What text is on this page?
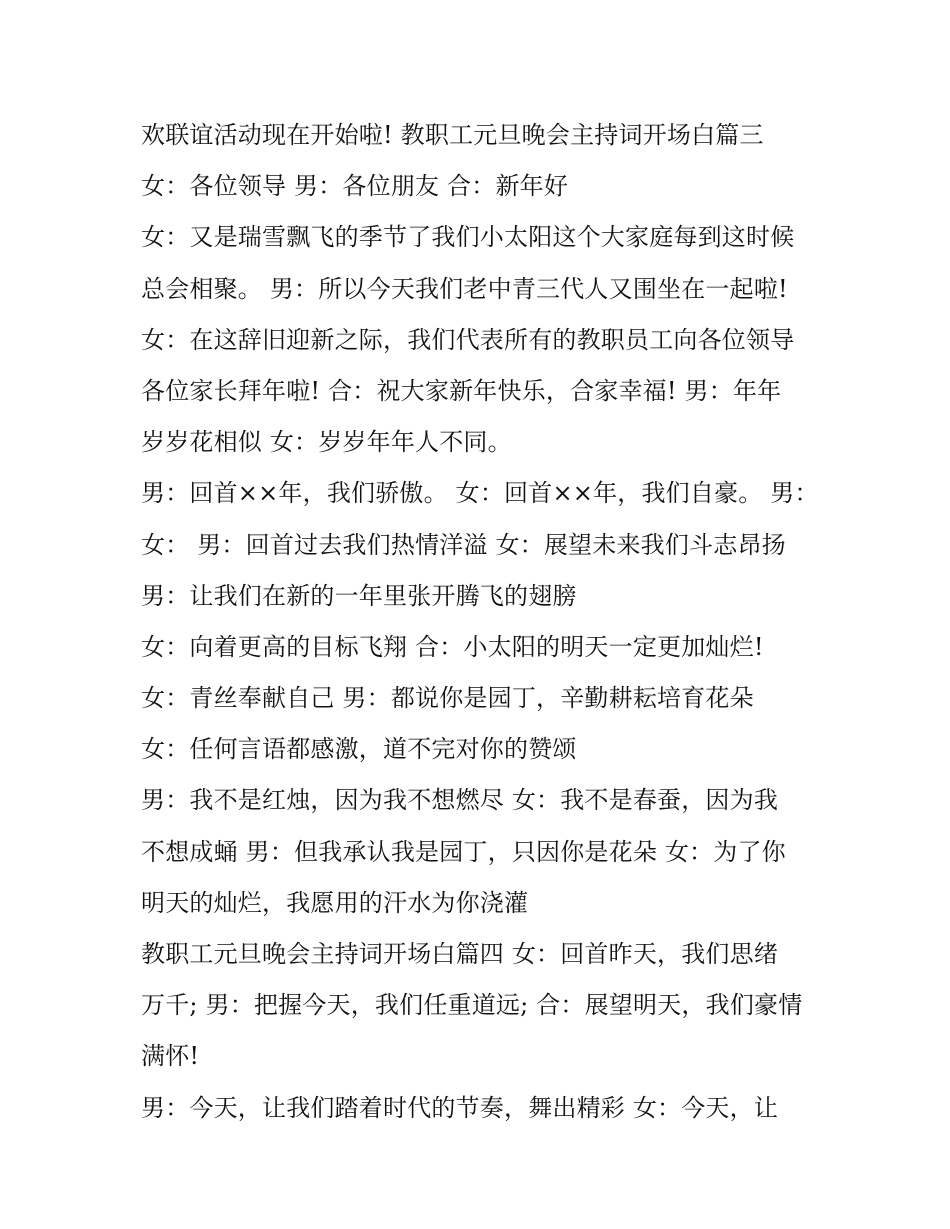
欢联谊活动现在开始啦! 教职工元旦晚会主持词开场白篇三
女：各位领导 男：各位朋友 合：新年好
女：又是瑞雪飘飞的季节了我们小太阳这个大家庭每到这时候
总会相聚。 男：所以今天我们老中青三代人又围坐在一起啦!
女：在这辞旧迎新之际，我们代表所有的教职员工向各位领导
各位家长拜年啦! 合：祝大家新年快乐，合家幸福! 男：年年
岁岁花相似 女：岁岁年年人不同。
男：回首××年，我们骄傲。 女：回首××年，我们自豪。 男：
女： 男：回首过去我们热情洋溢 女：展望未来我们斗志昂扬
男：让我们在新的一年里张开腾飞的翅膀
女：向着更高的目标飞翔 合：小太阳的明天一定更加灿烂!
女：青丝奉献自己 男：都说你是园丁，辛勤耕耘培育花朵
女：任何言语都感激，道不完对你的赞颂
男：我不是红烛，因为我不想燃尽 女：我不是春蚕，因为我
不想成蛹 男：但我承认我是园丁，只因你是花朵 女：为了你
明天的灿烂，我愿用的汗水为你浇灌
教职工元旦晚会主持词开场白篇四 女：回首昨天，我们思绪
万千; 男：把握今天，我们任重道远; 合：展望明天，我们豪情
满怀!
男：今天，让我们踏着时代的节奏，舞出精彩 女：今天，让
